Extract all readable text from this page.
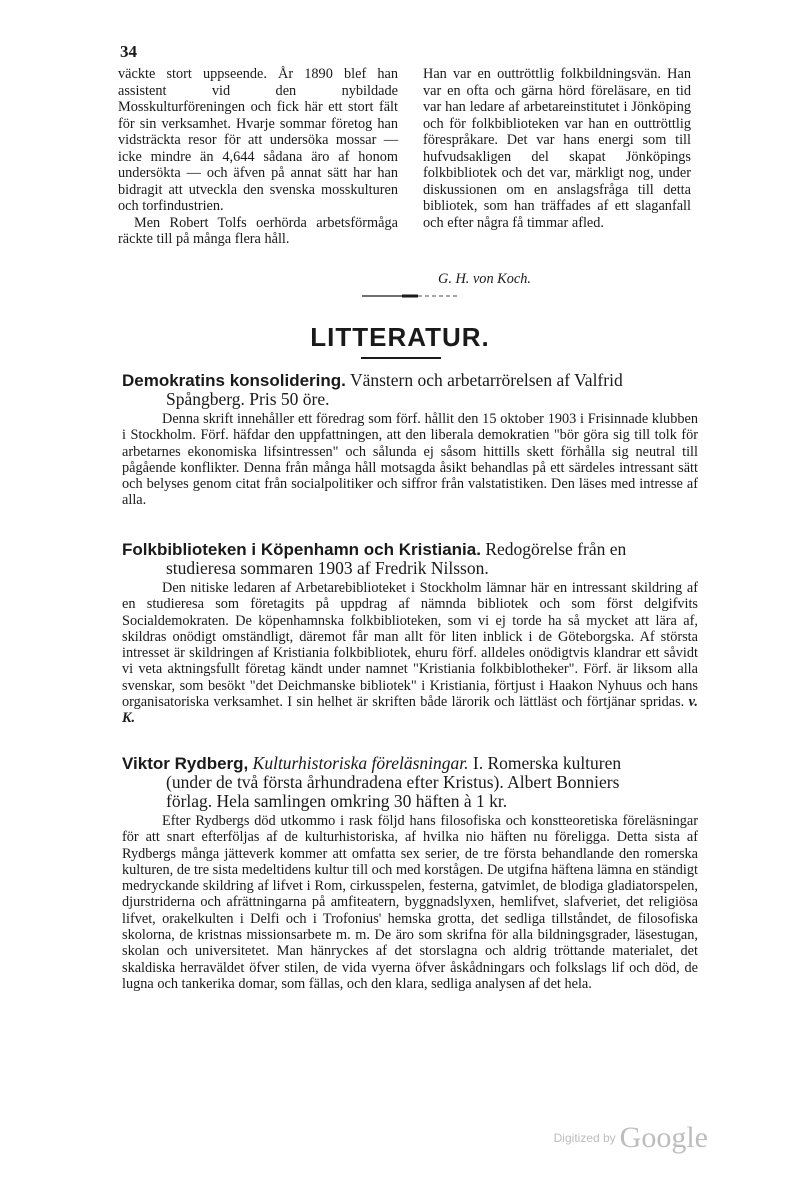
34

väckte stort uppseende. År 1890 blef han assistent vid den nybildade Mosskulturföreningen och fick här ett stort fält för sin verksamhet. Hvarje sommar företog han vidsträckta resor för att undersöka mossar — icke mindre än 4,644 sådana äro af honom undersökta — och äfven på annat sätt har han bidragit att utveckla den svenska mosskulturen och torfindustrien.

Men Robert Tolfs oerhörda arbetsförmåga räckte till på många flera håll.

Han var en outtröttlig folkbildningsvän. Han var en ofta och gärna hörd föreläsare, en tid var han ledare af arbetareinstitutet i Jönköping och för folkbiblioteken var han en outtröttlig förespråkare. Det var hans energi som till hufvudsakligen del skapat Jönköpings folkbibliotek och det var, märkligt nog, under diskussionen om en anslagsfråga till detta bibliotek, som han träffades af ett slaganfall och efter några få timmar afled.

G. H. von Koch.
LITTERATUR.
Demokratins konsolidering. Vänstern och arbetarrörelsen af Valfrid
Spångberg. Pris 50 öre.
Denna skrift innehåller ett föredrag som förf. hållit den 15 oktober 1903 i Frisinnade klubben i Stockholm. Förf. häfdar den uppfattningen, att den liberala demokratien "bör göra sig till tolk för arbetarnes ekonomiska lifsintressen" och sålunda ej såsom hittills skett förhålla sig neutral till pågående konflikter. Denna från många håll motsagda åsikt behandlas på ett särdeles intressant sätt och belyses genom citat från socialpolitiker och siffror från valstatistiken. Den läses med intresse af alla.
Folkbiblioteken i Köpenhamn och Kristiania. Redogörelse från en
studieresa sommaren 1903 af Fredrik Nilsson.
Den nitiske ledaren af Arbetarebiblioteket i Stockholm lämnar här en intressant skildring af en studieresa som företagits på uppdrag af nämnda bibliotek och som först delgifvits Socialdemokraten. De köpenhamnska folkbiblioteken, som vi ej torde ha så mycket att lära af, skildras onödigt omständligt, däremot får man allt för liten inblick i de Göteborgska. Af största intresset är skildringen af Kristiania folkbibliotek, ehuru förf. alldeles onödigtvis klandrar ett såvidt vi veta aktningsfullt företag kändt under namnet "Kristiania folkbiblotheker". Förf. är liksom alla svenskar, som besökt "det Deichmanske bibliotek" i Kristiania, förtjust i Haakon Nyhuus och hans organisatoriska verksamhet. I sin helhet är skriften både lärorik och lättläst och förtjänar spridas. v. K.
Viktor Rydberg, Kulturhistoriska föreläsningar. I. Romerska kulturen
(under de två första århundradena efter Kristus). Albert Bonniers
förlag. Hela samlingen omkring 30 häften à 1 kr.
Efter Rydbergs död utkommo i rask följd hans filosofiska och konstteoretiska föreläsningar för att snart efterföljas af de kulturhistoriska, af hvilka nio häften nu föreligga. Detta sista af Rydbergs många jätteverk kommer att omfatta sex serier, de tre första behandlande den romerska kulturen, de tre sista medeltidens kultur till och med korstågen. De utgifna häftena lämna en ständigt medryckande skildring af lifvet i Rom, cirkusspelen, festerna, gatvimlet, de blodiga gladiatorspelen, djurstriderna och afrättningarna på amfiteatern, byggnadslyxen, hemlifvet, slafveriet, det religiösa lifvet, orakelkulten i Delfi och i Trofonius' hemska grotta, det sedliga tillståndet, de filosofiska skolorna, de kristnas missionsarbete m. m. De äro som skrifna för alla bildningsgrader, läsestugan, skolan och universitetet. Man hänryckes af det storslagna och aldrig tröttande materialet, det skaldiska herraväldet öfver stilen, de vida vyerna öfver åskådningars och folkslags lif och död, de lugna och tankerika domar, som fällas, och den klara, sedliga analysen af det hela.
Digitized by Google
